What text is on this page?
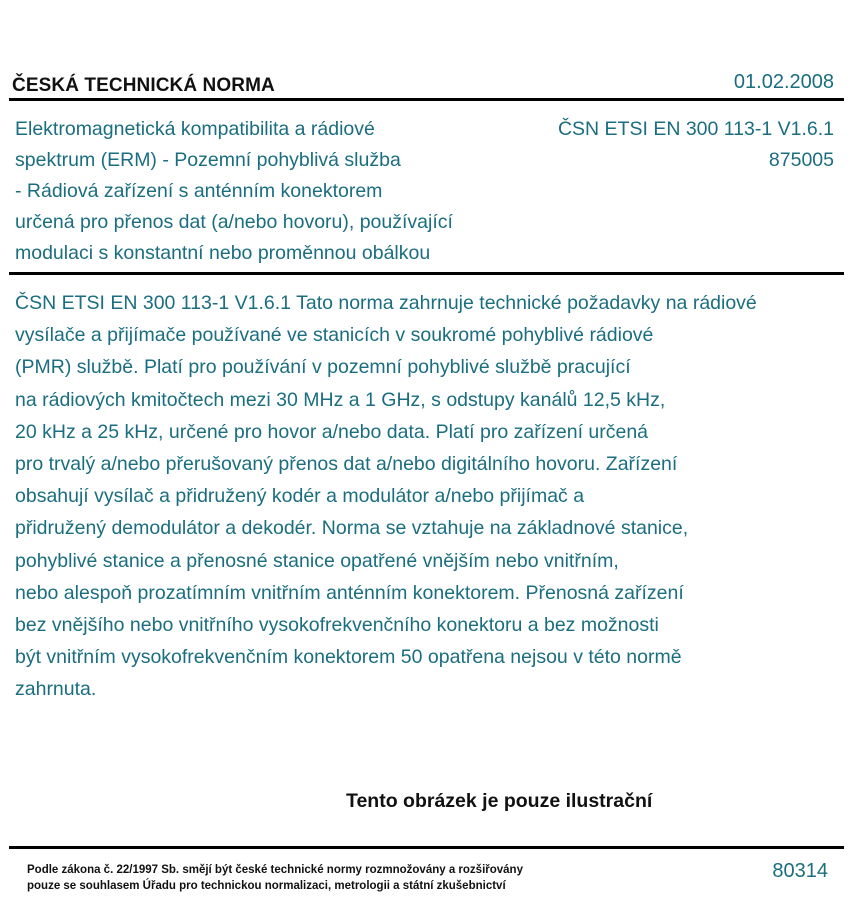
ČESKÁ TECHNICKÁ NORMA	01.02.2008
Elektromagnetická kompatibilita a rádiové
spektrum (ERM) - Pozemní pohyblivá služba
- Rádiová zařízení s anténním konektorem
určená pro přenos dat (a/nebo hovoru), používající
modulaci s konstantní nebo proměnnou obálkou
ČSN ETSI EN 300 113-1 V1.6.1
875005
ČSN ETSI EN 300 113-1 V1.6.1 Tato norma zahrnuje technické požadavky na rádiové
vysílače a přijímače používané ve stanicích v soukromé pohyblivé rádiové
(PMR) službě. Platí pro používání v pozemní pohyblivé službě pracující
na rádiových kmitočtech mezi 30 MHz a 1 GHz, s odstupy kanálů 12,5 kHz,
20 kHz a 25 kHz, určené pro hovor a/nebo data. Platí pro zařízení určená
pro trvalý a/nebo přerušovaný přenos dat a/nebo digitálního hovoru. Zařízení
obsahují vysílač a přidružený kodér a modulátor a/nebo přijímač a
přidružený demodulátor a dekodér. Norma se vztahuje na základnové stanice,
pohyblivé stanice a přenosné stanice opatřené vnějším nebo vnitřním,
nebo alespoň prozatímním vnitřním anténním konektorem. Přenosná zařízení
bez vnějšího nebo vnitřního vysokofrekvenčního konektoru a bez možnosti
být vnitřním vysokofrekvenčním konektorem 50 opatřena nejsou v této normě
zahrnuta.
Tento obrázek je pouze ilustrační
Podle zákona č. 22/1997 Sb. smějí být české technické normy rozmnožovány a rozšiřovány
pouze se souhlasem Úřadu pro technickou normalizaci, metrologii a státní zkušebnictví
80314
